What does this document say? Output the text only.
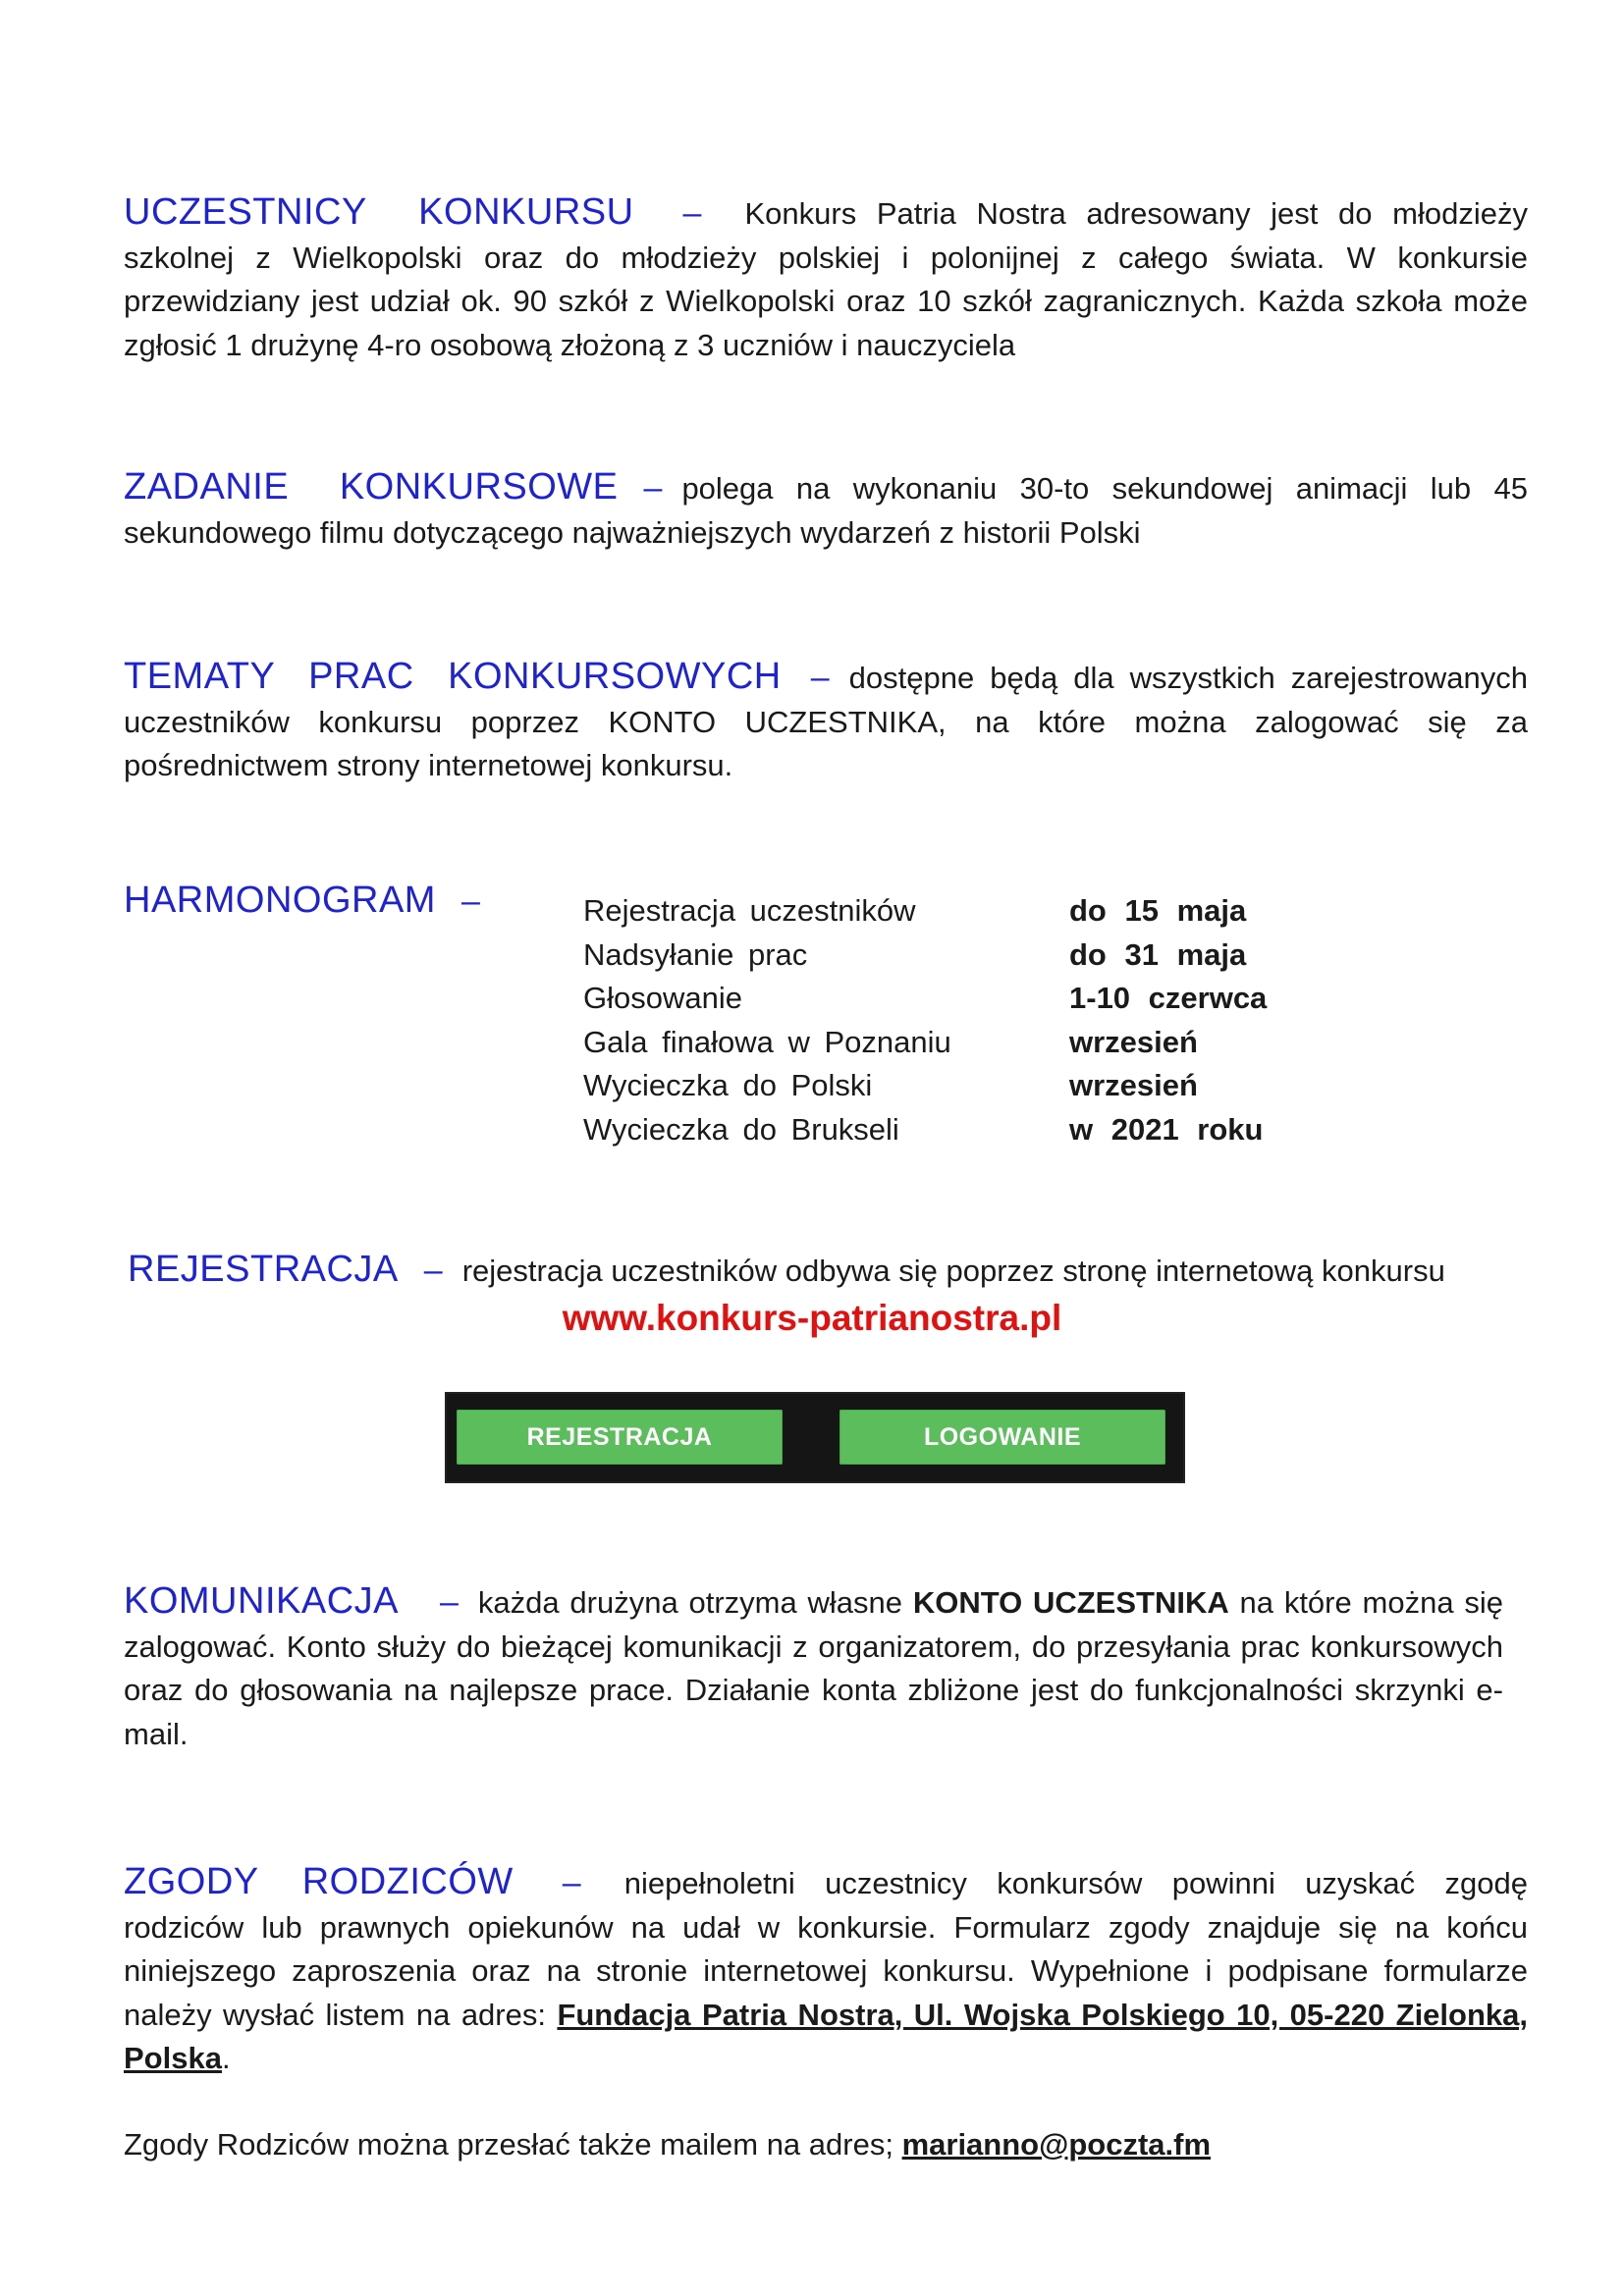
UCZESTNICY KONKURSU – Konkurs Patria Nostra adresowany jest do młodzieży szkolnej z Wielkopolski oraz do młodzieży polskiej i polonijnej z całego świata. W konkursie przewidziany jest udział ok. 90 szkół z Wielkopolski oraz 10 szkół zagranicznych. Każda szkoła może zgłosić 1 drużynę 4-ro osobową złożoną z 3 uczniów i nauczyciela
ZADANIE  KONKURSOWE – polega na wykonaniu 30-to sekundowej animacji lub 45 sekundowego filmu dotyczącego najważniejszych wydarzeń z historii Polski
TEMATY PRAC KONKURSOWYCH – dostępne będą dla wszystkich zarejestrowanych uczestników konkursu poprzez KONTO UCZESTNIKA, na które można zalogować się za pośrednictwem strony internetowej konkursu.
HARMONOGRAM –	Rejestracja uczestników	do 15 maja
Nadsyłanie prac	do 31 maja
Głosowanie	1-10 czerwca
Gala finałowa w Poznaniu	wrzesień
Wycieczka do Polski	wrzesień
Wycieczka do Brukseli	w 2021 roku
REJESTRACJA – rejestracja uczestników odbywa się poprzez stronę internetową konkursu
www.konkurs-patrianostra.pl
REJESTRACJA	LOGOWANIE
KOMUNIKACJA – każda drużyna otrzyma własne KONTO UCZESTNIKA na które można się zalogować. Konto służy do bieżącej komunikacji z organizatorem, do przesyłania prac konkursowych oraz do głosowania na najlepsze prace. Działanie konta zbliżone jest do funkcjonalności skrzynki e-mail.
ZGODY RODZICÓW – niepełnoletni uczestnicy konkursów powinni uzyskać zgodę rodziców lub prawnych opiekunów na udał w konkursie. Formularz zgody znajduje się na końcu niniejszego zaproszenia oraz na stronie internetowej konkursu. Wypełnione i podpisane formularze należy wysłać listem na adres: Fundacja Patria Nostra, Ul. Wojska Polskiego 10, 05-220 Zielonka, Polska.
Zgody Rodziców można przesłać także mailem na adres; marianno@poczta.fm
